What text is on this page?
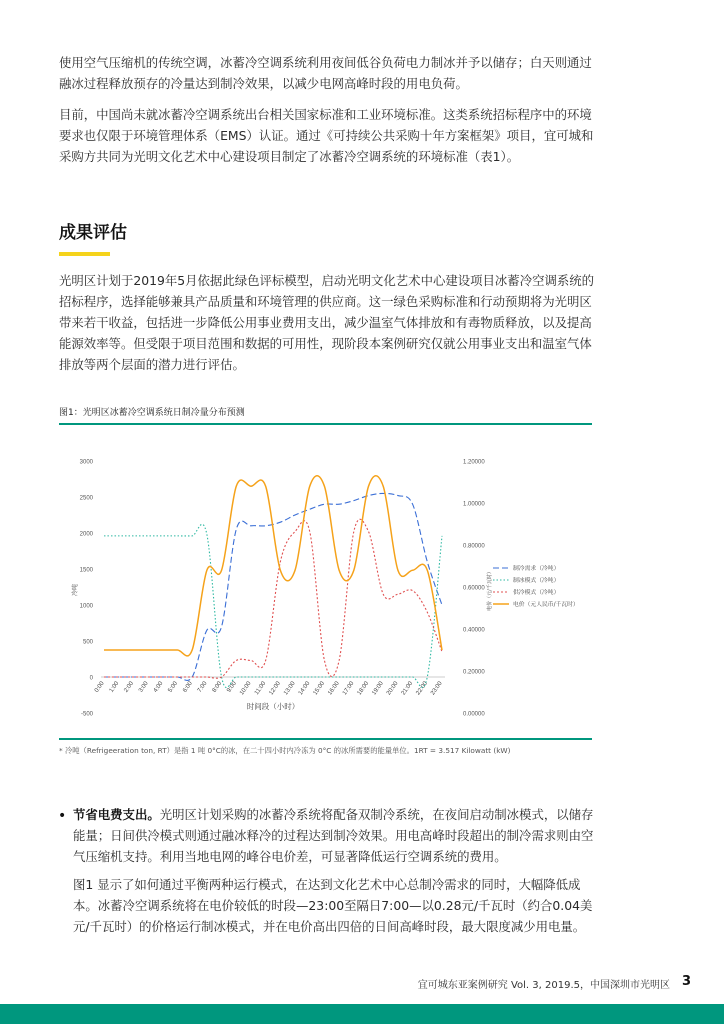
使用空气压缩机的传统空调，冰蓄冷空调系统利用夜间低谷负荷电力制冰并予以储存；白天则通过融冰过程释放预存的冷量达到制冷效果，以减少电网高峰时段的用电负荷。

目前，中国尚未就冰蓄冷空调系统出台相关国家标准和工业环境标准。这类系统招标程序中的环境要求也仅限于环境管理体系（EMS）认证。通过《可持续公共采购十年方案框架》项目，宜可城和采购方共同为光明文化艺术中心建设项目制定了冰蓄冷空调系统的环境标准（表1）。

成果评估

光明区计划于2019年5月依据此绿色评标模型，启动光明文化艺术中心建设项目冰蓄冷空调系统的招标程序，选择能够兼具产品质量和环境管理的供应商。这一绿色采购标准和行动预期将为光明区带来若干收益，包括进一步降低公用事业费用支出，减少温室气体排放和有毒物质释放，以及提高能源效率等。但受限于项目范围和数据的可用性，现阶段本案例研究仅就公用事业支出和温室气体排放等两个层面的潜力进行评估。

图1：光明区冰蓄冷空调系统日制冷量分布预测
-500
0
500
1000
1500
2000
2500
3000
0.00000
0.20000
0.40000
0.60000
0.80000
1.00000
1.20000
0:00 1:00 2:00 3:00 4:00 5:00 6:00 7:00 8:00 9:00 10:00 11:00 12:00 13:00 14:00 15:00 16:00 17:00 18:00 19:00 20:00 21:00 22:00 23:00
时间段（小时）
冷吨	电价（元/千瓦时）
制冷需求（冷吨）
制冰模式（冷吨）
供冷模式（冷吨）
电价（元人民币/千瓦时）
* 冷吨（Refrigeeration ton, RT）是指 1 吨 0°C的冰，在二十四小时内冷冻为 0°C 的冰所需要的能量单位。1RT = 3.517 Kilowatt (kW)
• 节省电费支出。光明区计划采购的冰蓄冷系统将配备双制冷系统，在夜间启动制冰模式，以储存能量；日间供冷模式则通过融冰释冷的过程达到制冷效果。用电高峰时段超出的制冷需求则由空气压缩机支持。利用当地电网的峰谷电价差，可显著降低运行空调系统的费用。

图1 显示了如何通过平衡两种运行模式，在达到文化艺术中心总制冷需求的同时，大幅降低成本。冰蓄冷空调系统将在电价较低的时段—23:00至隔日7:00—以0.28元/千瓦时（约合0.04美元/千瓦时）的价格运行制冰模式，并在电价高出四倍的日间高峰时段，最大限度减少用电量。

宜可城东亚案例研究 Vol. 3, 2019.5，中国深圳市光明区 3
